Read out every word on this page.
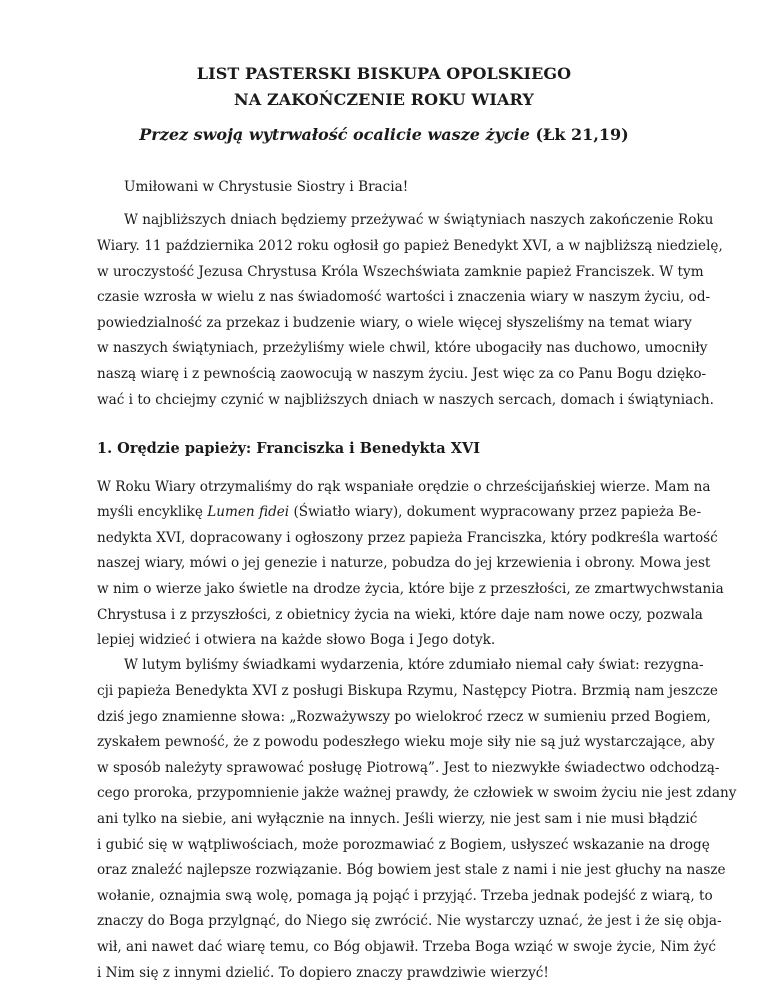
LIST PASTERSKI BISKUPA OPOLSKIEGO
NA ZAKOŃCZENIE ROKU WIARY
Przez swoją wytrwałość ocalicie wasze życie (Łk 21,19)
Umiłowani w Chrystusie Siostry i Bracia!
W najbliższych dniach będziemy przeżywać w świątyniach naszych zakończenie Roku
Wiary. 11 października 2012 roku ogłosił go papież Benedykt XVI, a w najbliższą niedzielę,
w uroczystość Jezusa Chrystusa Króla Wszechświata zamknie papież Franciszek. W tym
czasie wzrosła w wielu z nas świadomość wartości i znaczenia wiary w naszym życiu, od-
powiedzialność za przekaz i budzenie wiary, o wiele więcej słyszeliśmy na temat wiary
w naszych świątyniach, przeżyliśmy wiele chwil, które ubogaciły nas duchowo, umocniły
naszą wiarę i z pewnością zaowocują w naszym życiu. Jest więc za co Panu Bogu dzięko-
wać i to chciejmy czynić w najbliższych dniach w naszych sercach, domach i świątyniach.
1. Orędzie papieży: Franciszka i Benedykta XVI
W Roku Wiary otrzymaliśmy do rąk wspaniałe orędzie o chrześcijańskiej wierze. Mam na
myśli encyklikę Lumen fidei (Światło wiary), dokument wypracowany przez papieża Be-
nedykta XVI, dopracowany i ogłoszony przez papieża Franciszka, który podkreśla wartość
naszej wiary, mówi o jej genezie i naturze, pobudza do jej krzewienia i obrony. Mowa jest
w nim o wierze jako świetle na drodze życia, które bije z przeszłości, ze zmartwychwstania
Chrystusa i z przyszłości, z obietnicy życia na wieki, które daje nam nowe oczy, pozwala
lepiej widzieć i otwiera na każde słowo Boga i Jego dotyk.
W lutym byliśmy świadkami wydarzenia, które zdumiało niemal cały świat: rezygna-
cji papieża Benedykta XVI z posługi Biskupa Rzymu, Następcy Piotra. Brzmią nam jeszcze
dziś jego znamienne słowa: „Rozważywszy po wielokroć rzecz w sumieniu przed Bogiem,
zyskałem pewność, że z powodu podeszłego wieku moje siły nie są już wystarczające, aby
w sposób należyty sprawować posługę Piotrową”. Jest to niezwykłe świadectwo odchodzą-
cego proroka, przypomnienie jakże ważnej prawdy, że człowiek w swoim życiu nie jest zdany
ani tylko na siebie, ani wyłącznie na innych. Jeśli wierzy, nie jest sam i nie musi błądzić
i gubić się w wątpliwościach, może porozmawiać z Bogiem, usłyszeć wskazanie na drogę
oraz znaleźć najlepsze rozwiązanie. Bóg bowiem jest stale z nami i nie jest głuchy na nasze
wołanie, oznajmia swą wolę, pomaga ją pojąć i przyjąć. Trzeba jednak podejść z wiarą, to
znaczy do Boga przylgnąć, do Niego się zwrócić. Nie wystarczy uznać, że jest i że się obja-
wił, ani nawet dać wiarę temu, co Bóg objawił. Trzeba Boga wziąć w swoje życie, Nim żyć
i Nim się z innymi dzielić. To dopiero znaczy prawdziwie wierzyć!
